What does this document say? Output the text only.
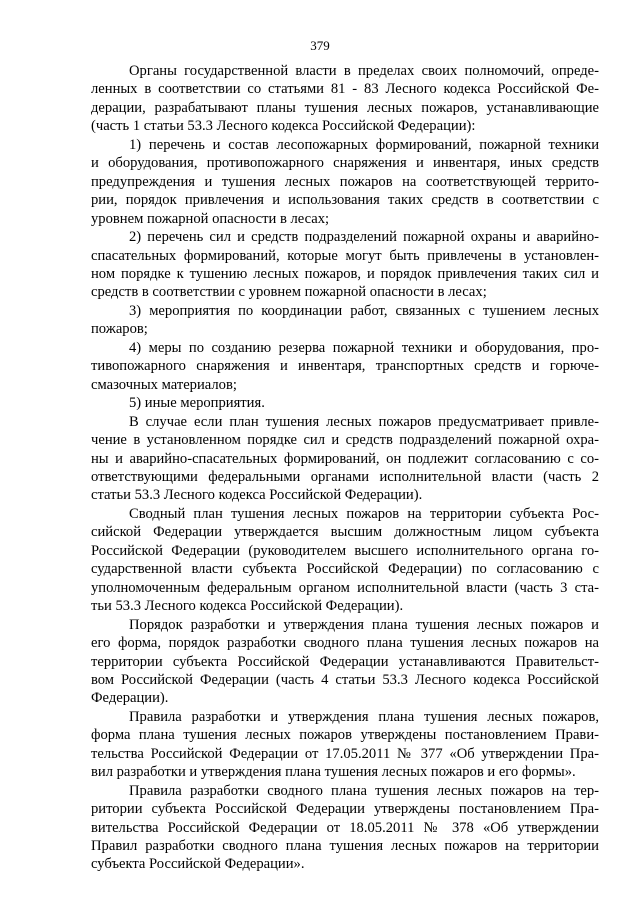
379
Органы государственной власти в пределах своих полномочий, опреде-
ленных в соответствии со статьями 81 - 83 Лесного кодекса Российской Фе-
дерации, разрабатывают планы тушения лесных пожаров, устанавливающие
(часть 1 статьи 53.3 Лесного кодекса Российской Федерации):
1) перечень и состав лесопожарных формирований, пожарной техники
и оборудования, противопожарного снаряжения и инвентаря, иных средств
предупреждения и тушения лесных пожаров на соответствующей террито-
рии, порядок привлечения и использования таких средств в соответствии с
уровнем пожарной опасности в лесах;
2) перечень сил и средств подразделений пожарной охраны и аварийно-
спасательных формирований, которые могут быть привлечены в установлен-
ном порядке к тушению лесных пожаров, и порядок привлечения таких сил и
средств в соответствии с уровнем пожарной опасности в лесах;
3) мероприятия по координации работ, связанных с тушением лесных
пожаров;
4) меры по созданию резерва пожарной техники и оборудования, про-
тивопожарного снаряжения и инвентаря, транспортных средств и горюче-
смазочных материалов;
5) иные мероприятия.
В случае если план тушения лесных пожаров предусматривает привле-
чение в установленном порядке сил и средств подразделений пожарной охра-
ны и аварийно-спасательных формирований, он подлежит согласованию с со-
ответствующими федеральными органами исполнительной власти (часть 2
статьи 53.3 Лесного кодекса Российской Федерации).
Сводный план тушения лесных пожаров на территории субъекта Рос-
сийской Федерации утверждается высшим должностным лицом субъекта
Российской Федерации (руководителем высшего исполнительного органа го-
сударственной власти субъекта Российской Федерации) по согласованию с
уполномоченным федеральным органом исполнительной власти (часть 3 ста-
тьи 53.3 Лесного кодекса Российской Федерации).
Порядок разработки и утверждения плана тушения лесных пожаров и
его форма, порядок разработки сводного плана тушения лесных пожаров на
территории субъекта Российской Федерации устанавливаются Правительст-
вом Российской Федерации (часть 4 статьи 53.3 Лесного кодекса Российской
Федерации).
Правила разработки и утверждения плана тушения лесных пожаров,
форма плана тушения лесных пожаров утверждены постановлением Прави-
тельства Российской Федерации от 17.05.2011 № 377 «Об утверждении Пра-
вил разработки и утверждения плана тушения лесных пожаров и его формы».
Правила разработки сводного плана тушения лесных пожаров на тер-
ритории субъекта Российской Федерации утверждены постановлением Пра-
вительства Российской Федерации от 18.05.2011 № 378 «Об утверждении
Правил разработки сводного плана тушения лесных пожаров на территории
субъекта Российской Федерации».
